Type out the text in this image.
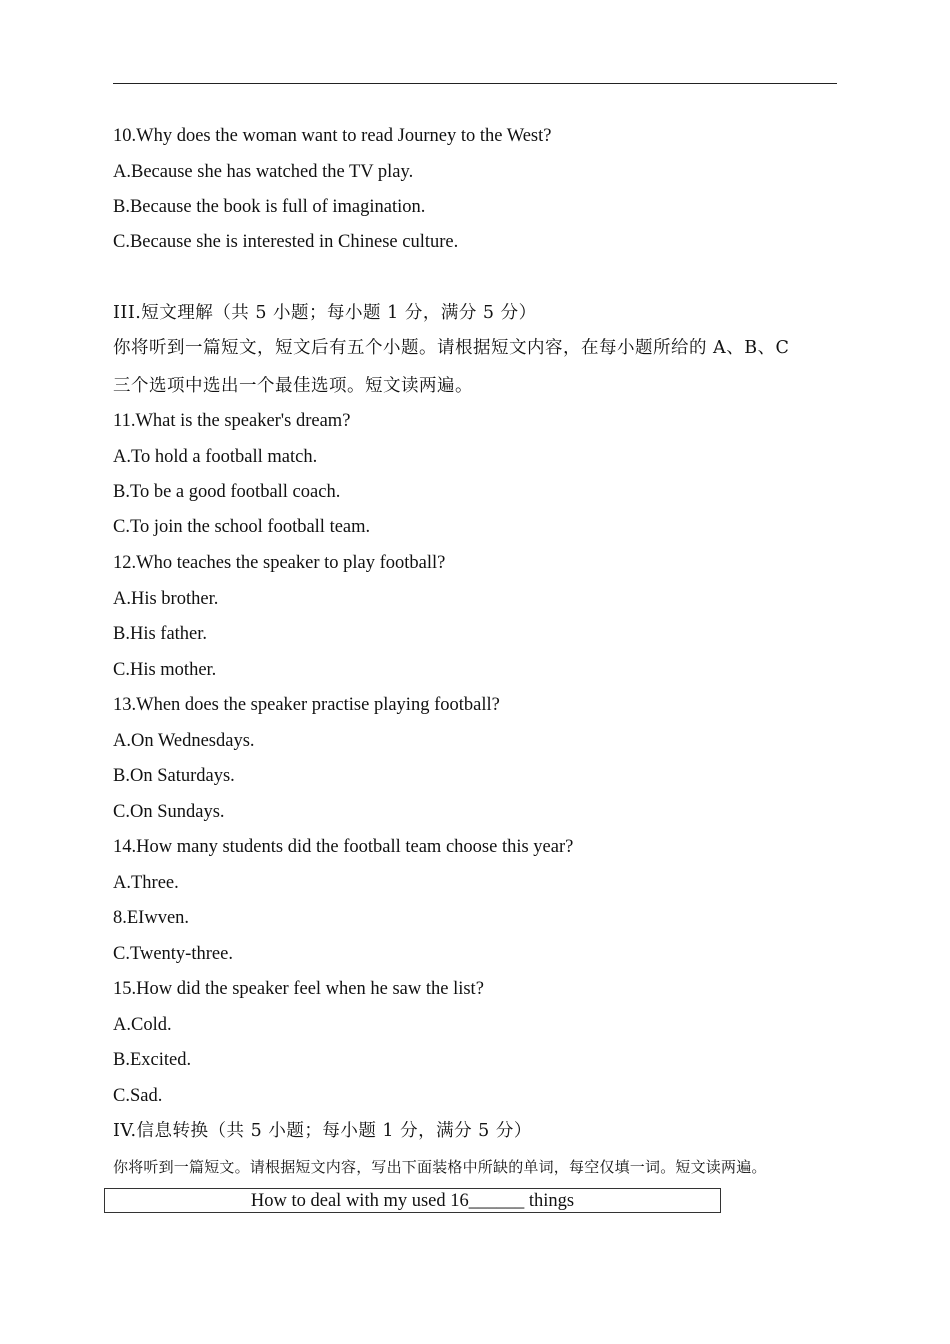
10.Why does the woman want to read Journey to the West?
A.Because she has watched the TV play.
B.Because the book is full of imagination.
C.Because she is interested in Chinese culture.
III.短文理解（共 5 小题；每小题 1 分，满分 5 分）
你将听到一篇短文，短文后有五个小题。请根据短文内容，在每小题所给的 A、B、C
三个选项中选出一个最佳选项。短文读两遍。
11.What is the speaker's dream?
A.To hold a football match.
B.To be a good football coach.
C.To join the school football team.
12.Who teaches the speaker to play football?
A.His brother.
B.His father.
C.His mother.
13.When does the speaker practise playing football?
A.On Wednesdays.
B.On Saturdays.
C.On Sundays.
14.How many students did the football team choose this year?
A.Three.
8.EIwven.
C.Twenty-three.
15.How did the speaker feel when he saw the list?
A.Cold.
B.Excited.
C.Sad.
IV.信息转换（共 5 小题；每小题 1 分，满分 5 分）
你将听到一篇短文。请根据短文内容，写出下面装格中所缺的单词，每空仅填一词。短文读两遍。
How to deal with my used 16______ things
